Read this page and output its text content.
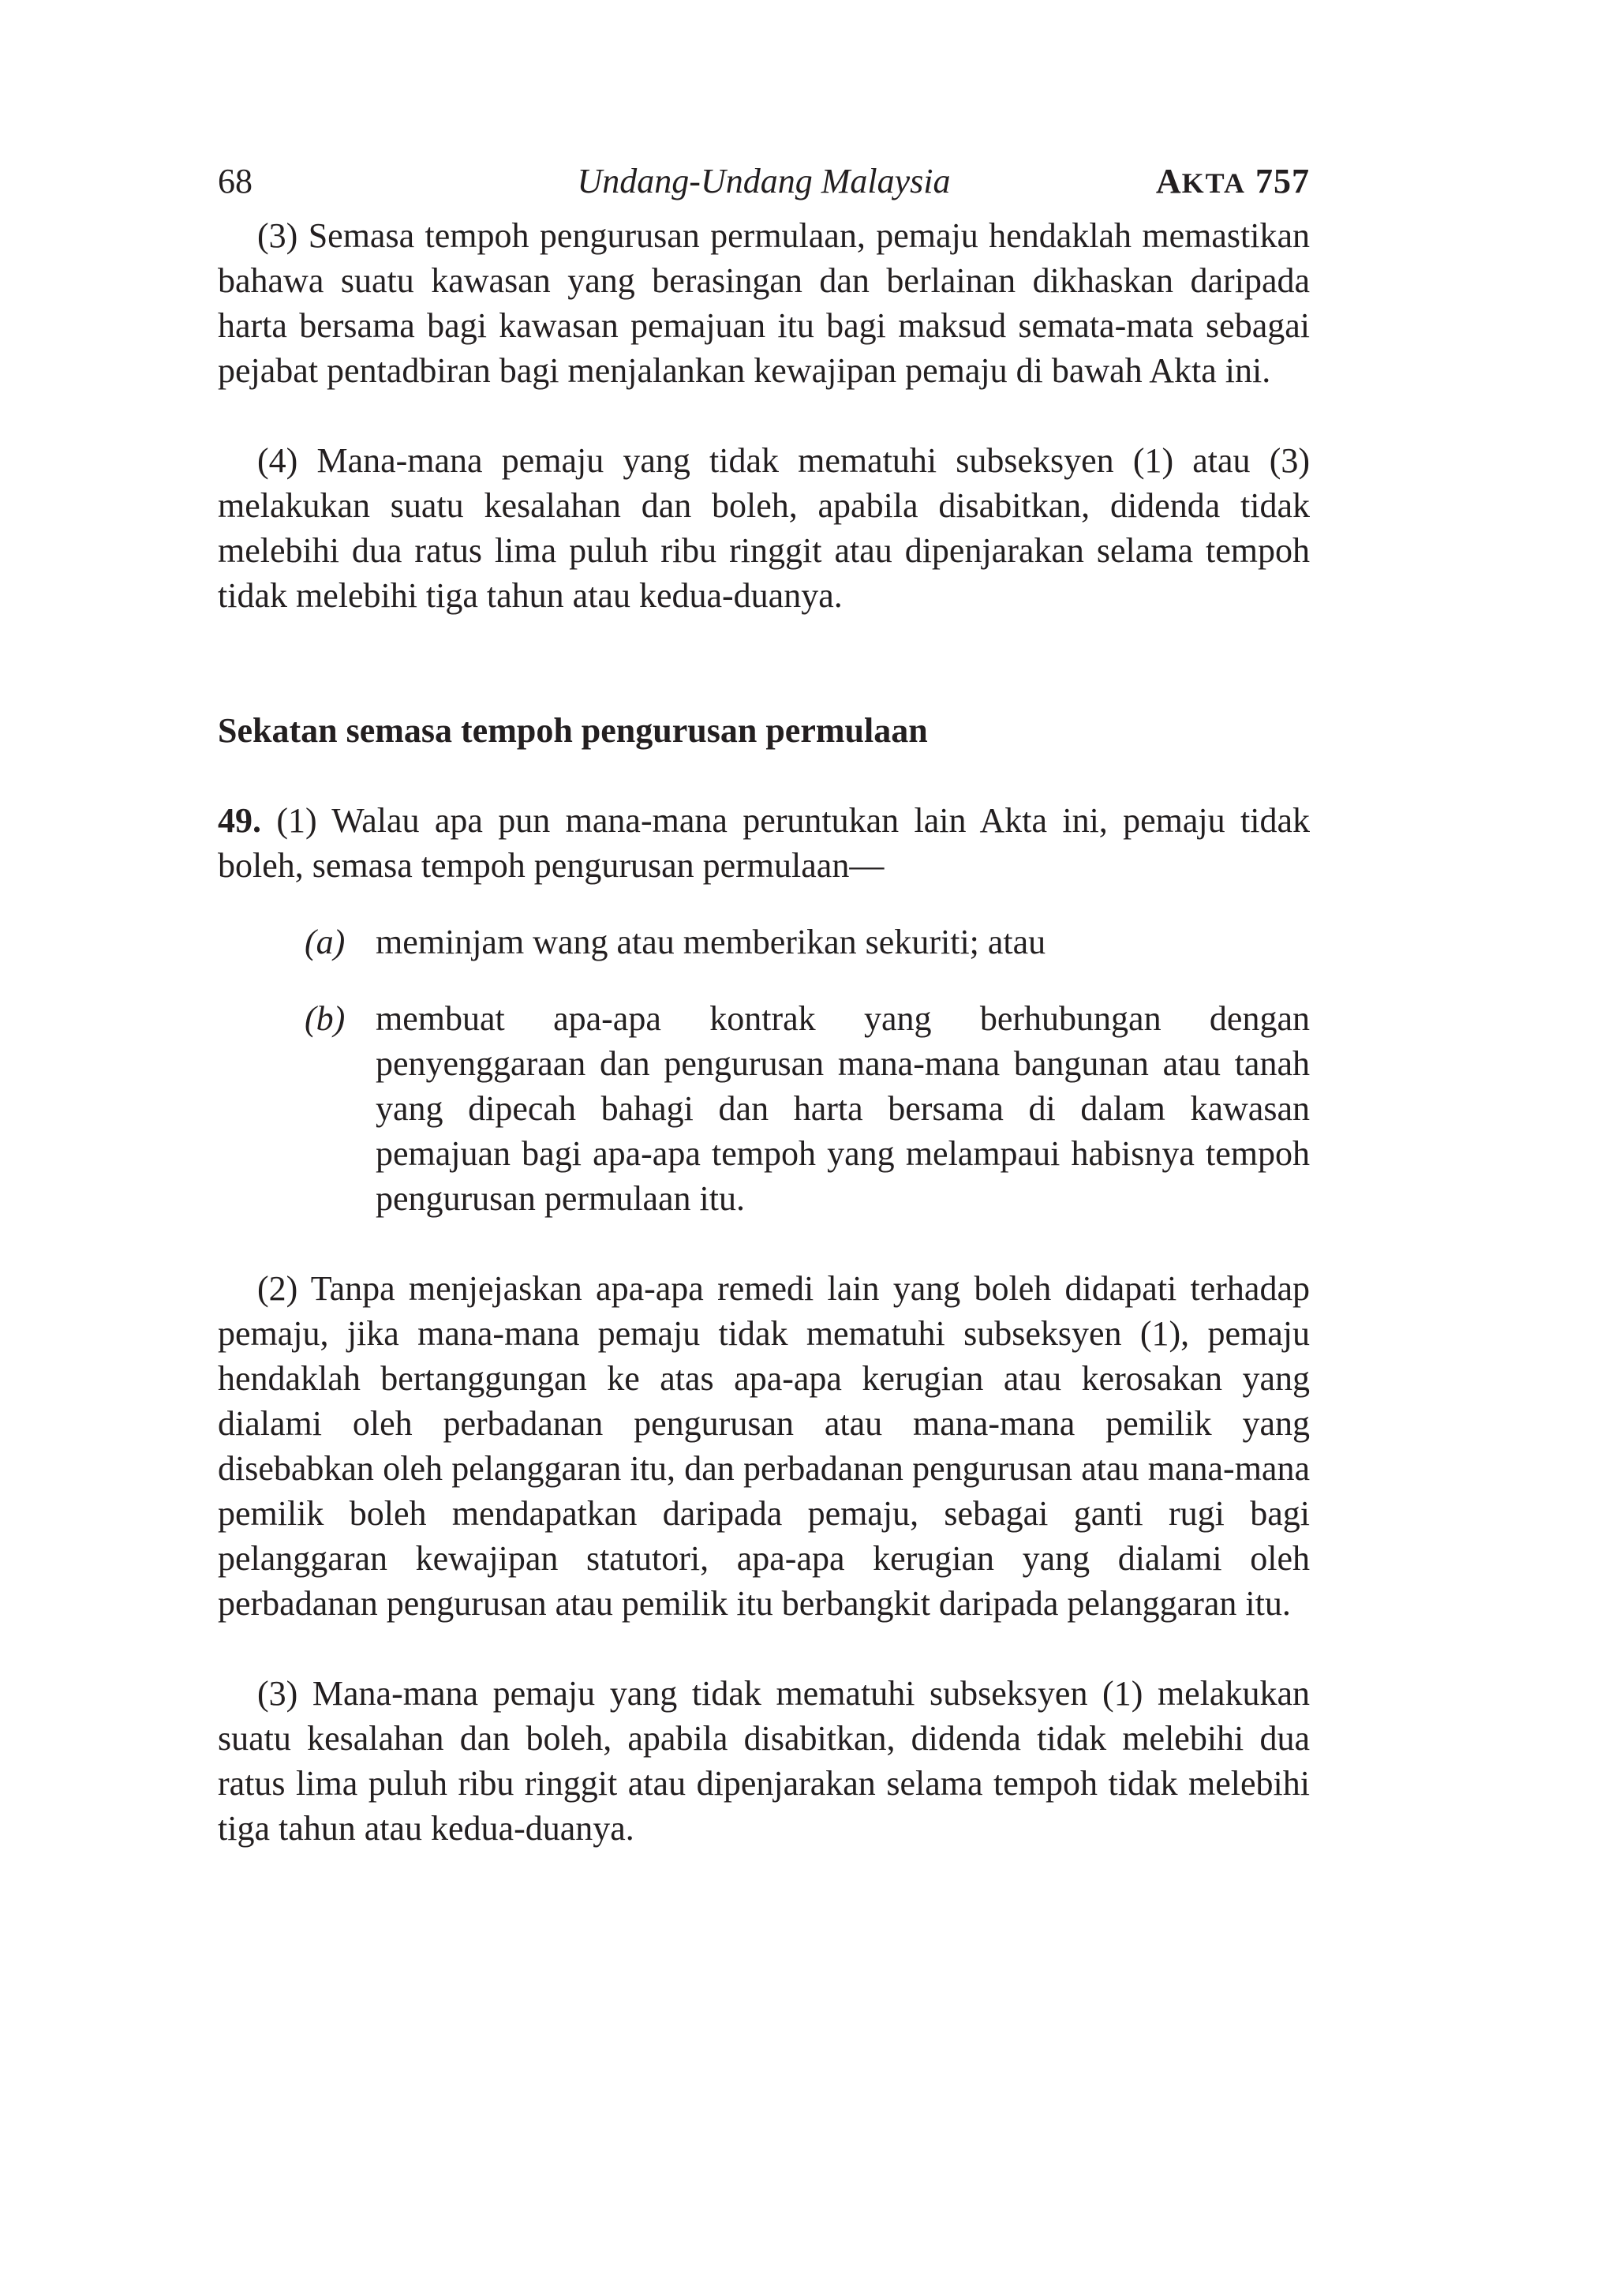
68	Undang-Undang Malaysia	AKTA 757

(3) Semasa tempoh pengurusan permulaan, pemaju hendaklah memastikan bahawa suatu kawasan yang berasingan dan berlainan dikhaskan daripada harta bersama bagi kawasan pemajuan itu bagi maksud semata-mata sebagai pejabat pentadbiran bagi menjalankan kewajipan pemaju di bawah Akta ini.

(4) Mana-mana pemaju yang tidak mematuhi subseksyen (1) atau (3) melakukan suatu kesalahan dan boleh, apabila disabitkan, didenda tidak melebihi dua ratus lima puluh ribu ringgit atau dipenjarakan selama tempoh tidak melebihi tiga tahun atau kedua-duanya.

Sekatan semasa tempoh pengurusan permulaan

49. (1) Walau apa pun mana-mana peruntukan lain Akta ini, pemaju tidak boleh, semasa tempoh pengurusan permulaan—

(a) meminjam wang atau memberikan sekuriti; atau

(b) membuat apa-apa kontrak yang berhubungan dengan penyenggaraan dan pengurusan mana-mana bangunan atau tanah yang dipecah bahagi dan harta bersama di dalam kawasan pemajuan bagi apa-apa tempoh yang melampaui habisnya tempoh pengurusan permulaan itu.

(2) Tanpa menjejaskan apa-apa remedi lain yang boleh didapati terhadap pemaju, jika mana-mana pemaju tidak mematuhi subseksyen (1), pemaju hendaklah bertanggungan ke atas apa-apa kerugian atau kerosakan yang dialami oleh perbadanan pengurusan atau mana-mana pemilik yang disebabkan oleh pelanggaran itu, dan perbadanan pengurusan atau mana-mana pemilik boleh mendapatkan daripada pemaju, sebagai ganti rugi bagi pelanggaran kewajipan statutori, apa-apa kerugian yang dialami oleh perbadanan pengurusan atau pemilik itu berbangkit daripada pelanggaran itu.

(3) Mana-mana pemaju yang tidak mematuhi subseksyen (1) melakukan suatu kesalahan dan boleh, apabila disabitkan, didenda tidak melebihi dua ratus lima puluh ribu ringgit atau dipenjarakan selama tempoh tidak melebihi tiga tahun atau kedua-duanya.
